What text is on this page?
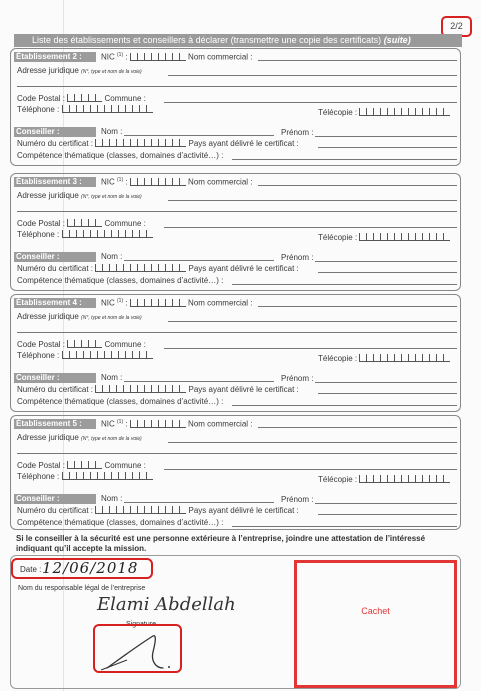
2/2
Liste des établissements et conseillers à déclarer (transmettre une copie des certificats) (suite)
Établissement 2 :	NIC $^{(1)}$ :	Nom commercial :
Adresse juridique (N°, type et nom de la voie)
Code Postal :	Commune :
Téléphone :	Télécopie :
Conseiller :	Nom :	Prénom :
Numéro du certificat :	Pays ayant délivré le certificat :
Compétence thématique (classes, domaines d’activité…) :
Établissement 3 :	NIC $^{(1)}$ :	Nom commercial :
Adresse juridique (N°, type et nom de la voie)
Code Postal :	Commune :
Téléphone :	Télécopie :
Conseiller :	Nom :	Prénom :
Numéro du certificat :	Pays ayant délivré le certificat :
Compétence thématique (classes, domaines d’activité…) :
Établissement 4 :	NIC $^{(1)}$ :	Nom commercial :
Adresse juridique (N°, type et nom de la voie)
Code Postal :	Commune :
Téléphone :	Télécopie :
Conseiller :	Nom :	Prénom :
Numéro du certificat :	Pays ayant délivré le certificat :
Compétence thématique (classes, domaines d’activité…) :
Établissement 5 :	NIC $^{(1)}$ :	Nom commercial :
Adresse juridique (N°, type et nom de la voie)
Code Postal :	Commune :
Téléphone :	Télécopie :
Conseiller :	Nom :	Prénom :
Numéro du certificat :	Pays ayant délivré le certificat :
Compétence thématique (classes, domaines d’activité…) :
Si le conseiller à la sécurité est une personne extérieure à l’entreprise, joindre une attestation de l’intéressé indiquant qu’il accepte la mission.
Date : 12/06/2018
Nom du responsable légal de l’entreprise
Elami Abdellah
Signature
Cachet
